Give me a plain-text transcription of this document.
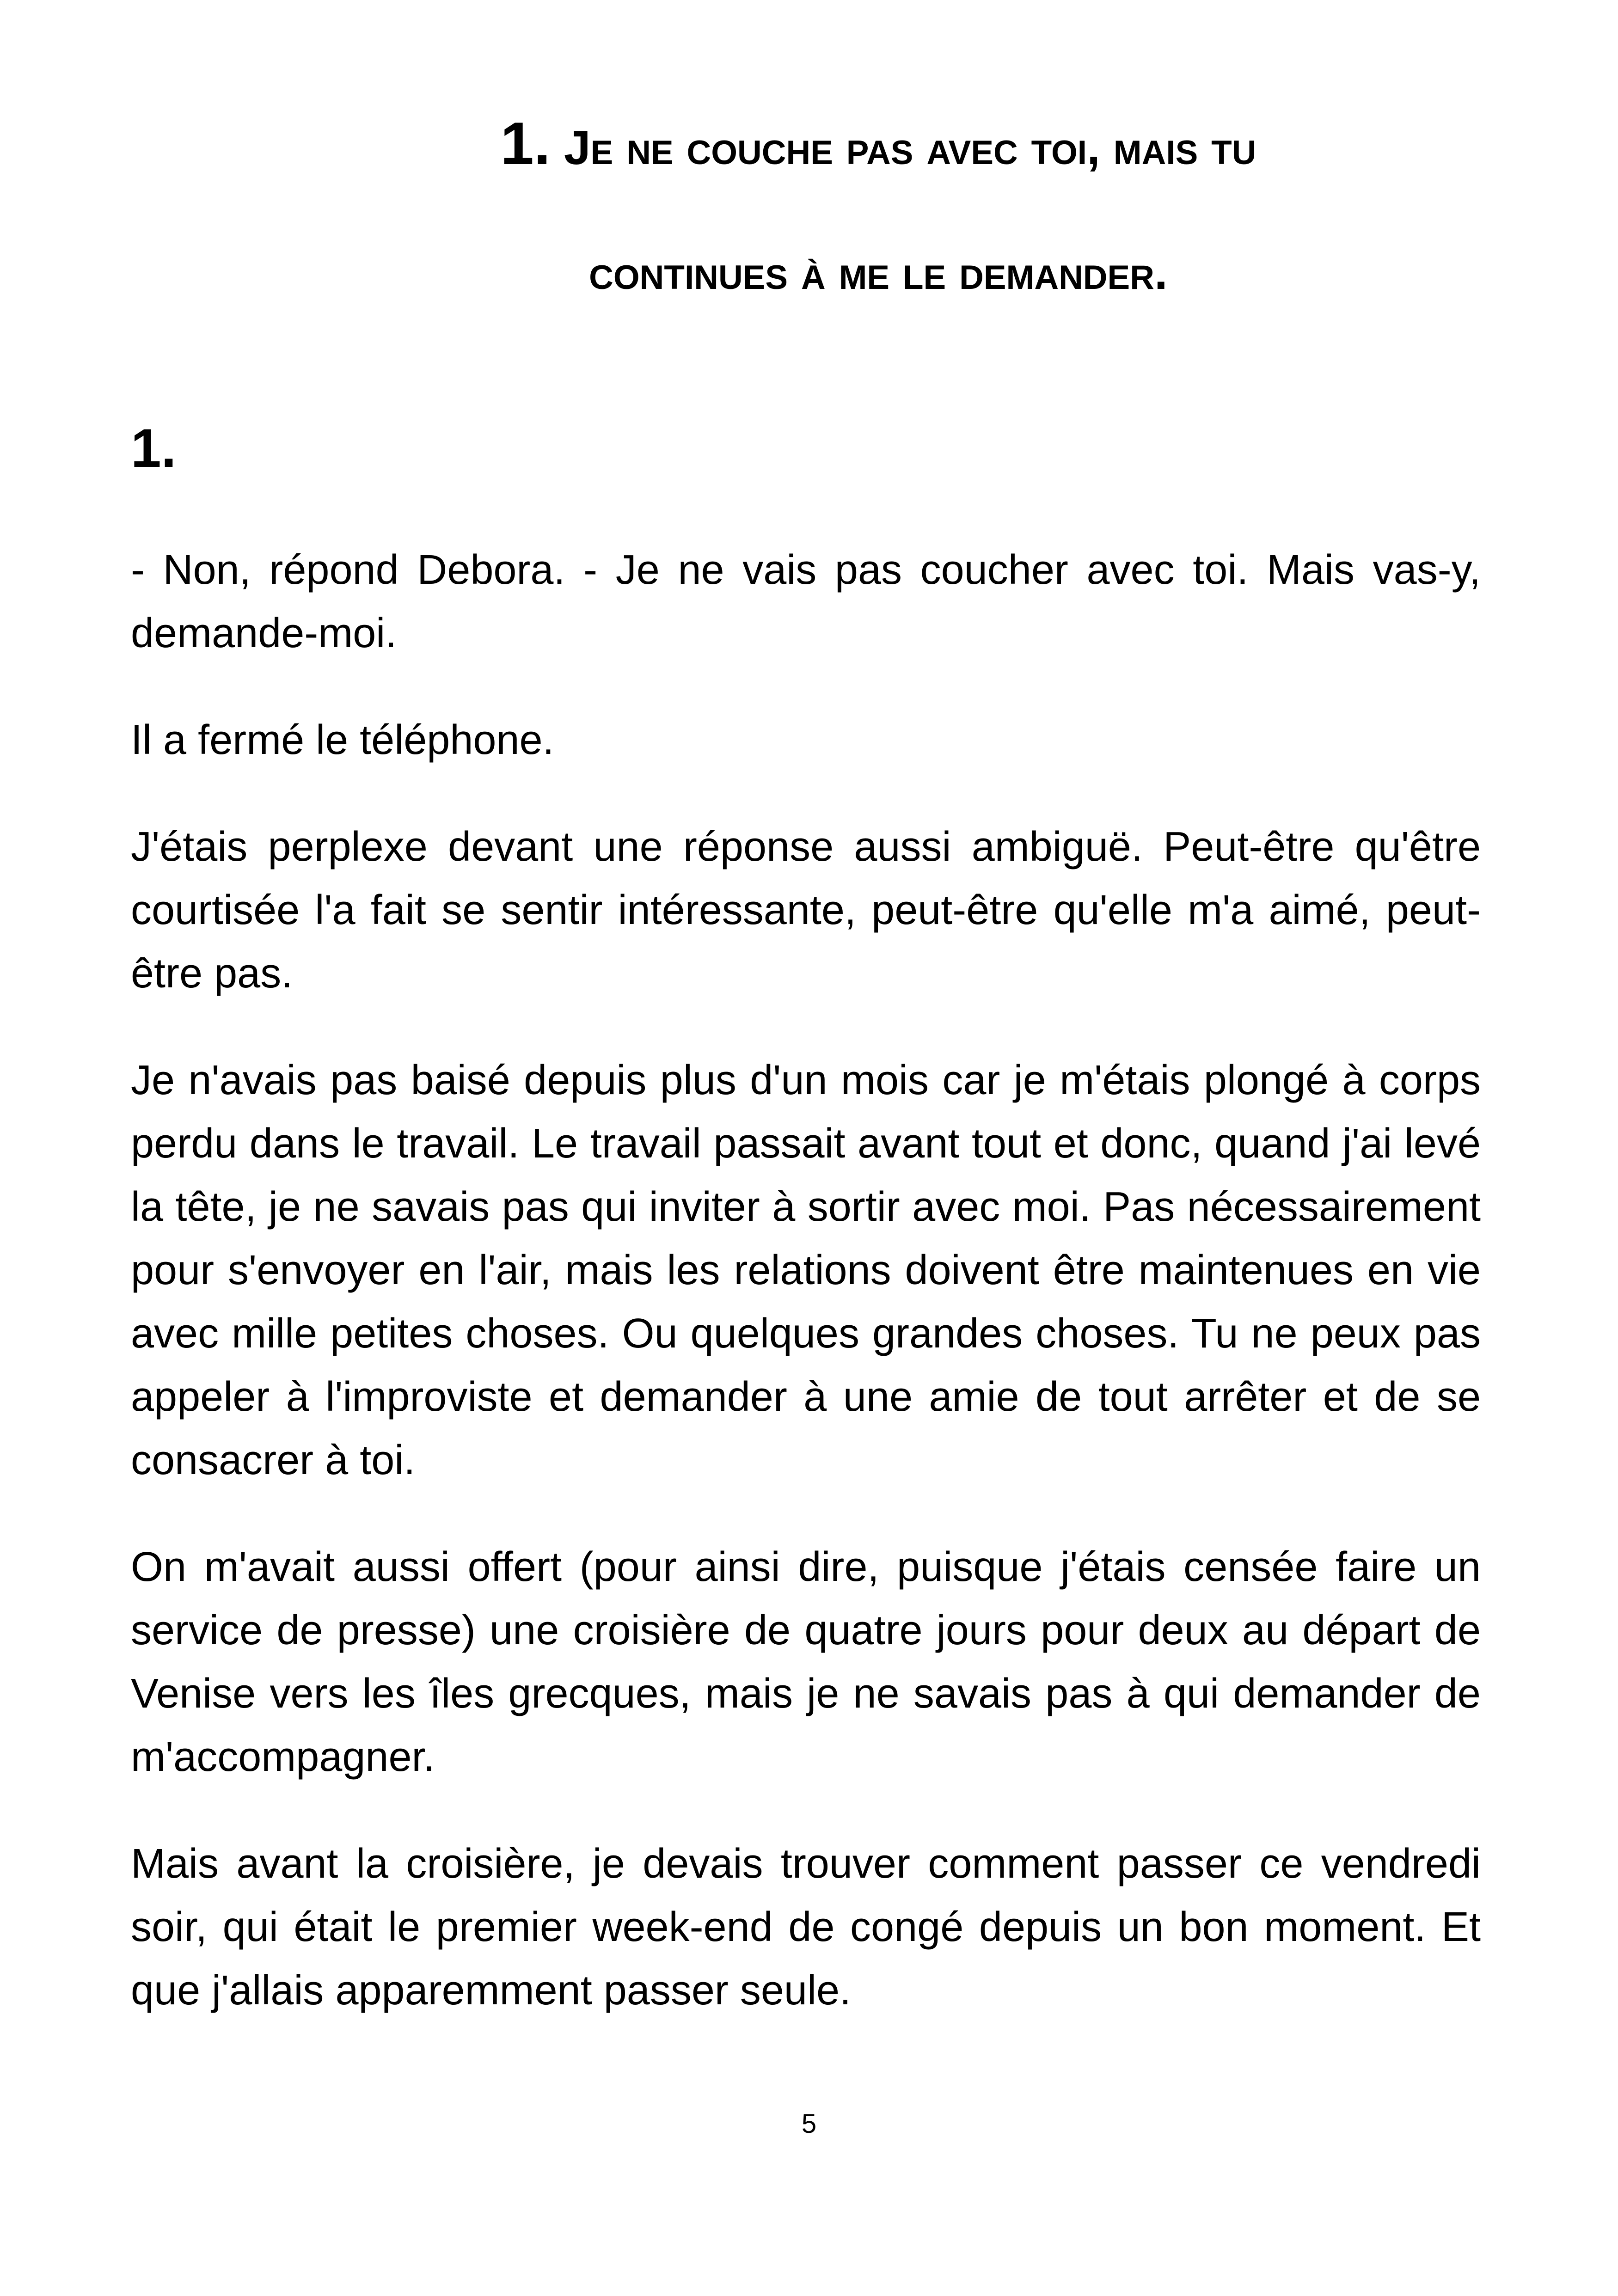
1. Je ne couche pas avec toi, mais tu
continues à me le demander.
1.

- Non, répond Debora. - Je ne vais pas coucher avec toi. Mais vas-y, demande-moi.

Il a fermé le téléphone.

J'étais perplexe devant une réponse aussi ambiguë. Peut-être qu'être courtisée l'a fait se sentir intéressante, peut-être qu'elle m'a aimé, peut-être pas.

Je n'avais pas baisé depuis plus d'un mois car je m'étais plongé à corps perdu dans le travail. Le travail passait avant tout et donc, quand j'ai levé la tête, je ne savais pas qui inviter à sortir avec moi. Pas nécessairement pour s'envoyer en l'air, mais les relations doivent être maintenues en vie avec mille petites choses. Ou quelques grandes choses. Tu ne peux pas appeler à l'improviste et demander à une amie de tout arrêter et de se consacrer à toi.

On m'avait aussi offert (pour ainsi dire, puisque j'étais censée faire un service de presse) une croisière de quatre jours pour deux au départ de Venise vers les îles grecques, mais je ne savais pas à qui demander de m'accompagner.

Mais avant la croisière, je devais trouver comment passer ce vendredi soir, qui était le premier week-end de congé depuis un bon moment. Et que j'allais apparemment passer seule.

5
